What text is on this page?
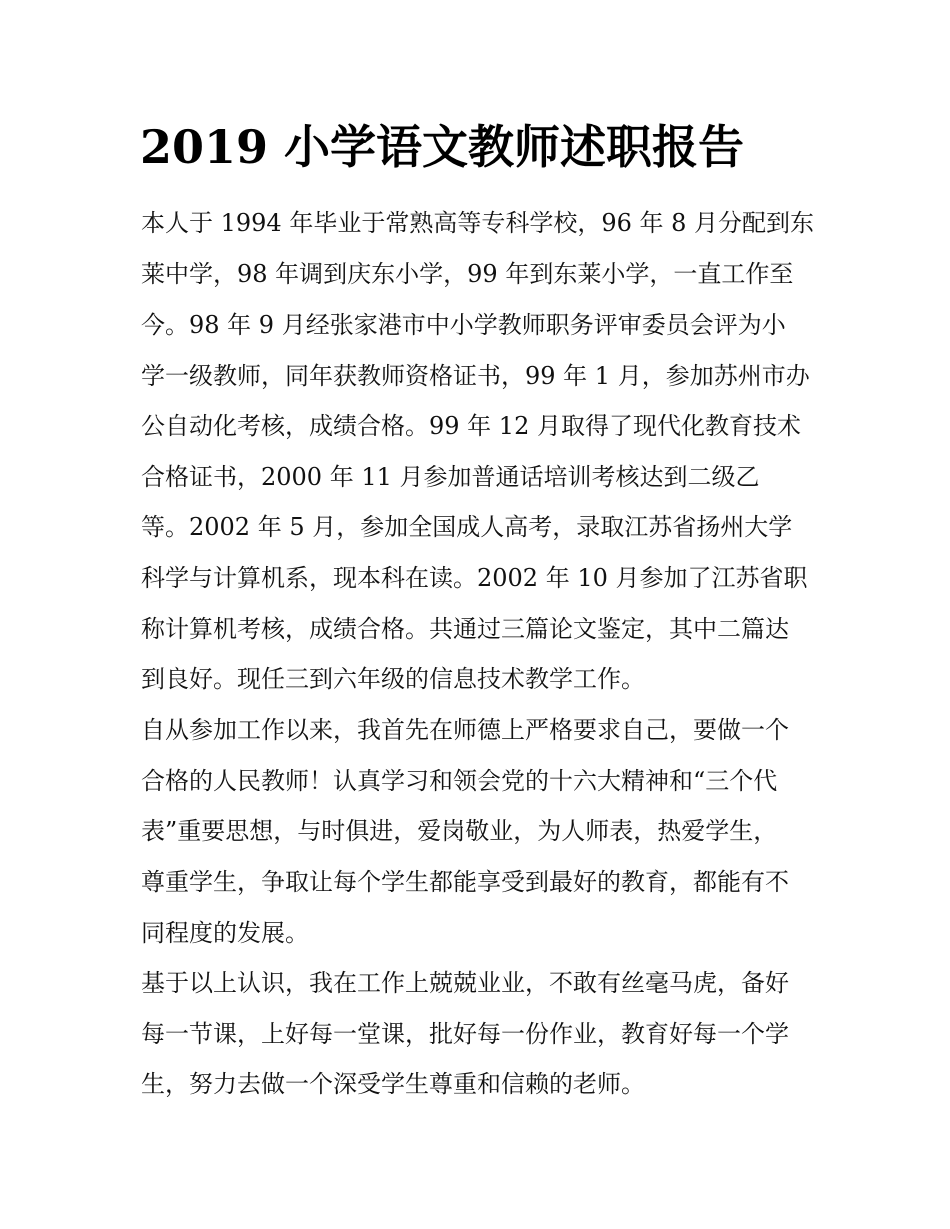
2019 小学语文教师述职报告

本人于 1994 年毕业于常熟高等专科学校，96 年 8 月分配到东

莱中学，98 年调到庆东小学，99 年到东莱小学，一直工作至

今。98 年 9 月经张家港市中小学教师职务评审委员会评为小

学一级教师，同年获教师资格证书，99 年 1 月，参加苏州市办

公自动化考核，成绩合格。99 年 12 月取得了现代化教育技术

合格证书，2000 年 11 月参加普通话培训考核达到二级乙

等。2002 年 5 月，参加全国成人高考，录取江苏省扬州大学

科学与计算机系，现本科在读。2002 年 10 月参加了江苏省职

称计算机考核，成绩合格。共通过三篇论文鉴定，其中二篇达

到良好。现任三到六年级的信息技术教学工作。

自从参加工作以来，我首先在师德上严格要求自己，要做一个

合格的人民教师！认真学习和领会党的十六大精神和“三个代

表”重要思想，与时俱进，爱岗敬业，为人师表，热爱学生，

尊重学生，争取让每个学生都能享受到最好的教育，都能有不

同程度的发展。

基于以上认识，我在工作上兢兢业业，不敢有丝毫马虎，备好

每一节课，上好每一堂课，批好每一份作业，教育好每一个学

生，努力去做一个深受学生尊重和信赖的老师。
